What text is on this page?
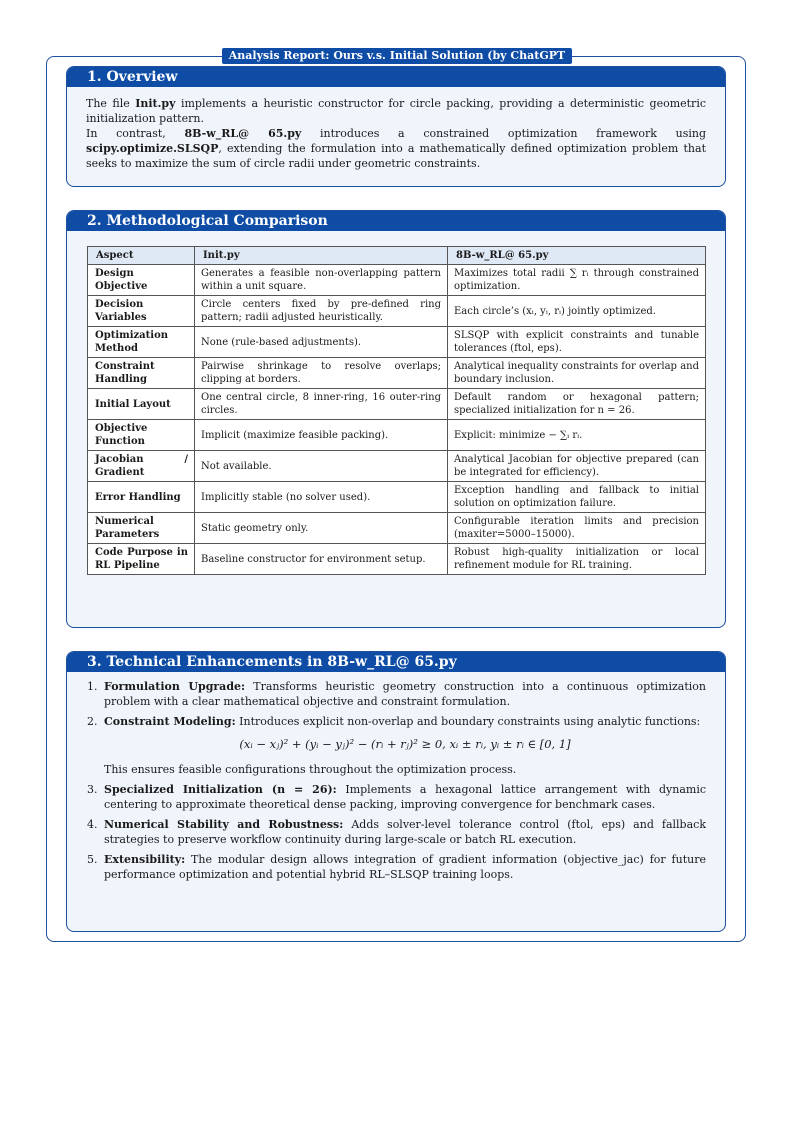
Analysis Report: Ours v.s. Initial Solution (by ChatGPT
1. Overview

The file Init.py implements a heuristic constructor for circle packing, providing a deterministic geometric initialization pattern.

In contrast, 8B-w_RL@ 65.py introduces a constrained optimization framework using scipy.optimize.SLSQP, extending the formulation into a mathematically defined optimization problem that seeks to maximize the sum of circle radii under geometric constraints.

2. Methodological Comparison
Aspect	Init.py	8B-w_RL@ 65.py
Design Objective	Generates a feasible non-overlapping pattern within a unit square.	Maximizes total radii ∑ rᵢ through constrained optimization.
Decision Variables	Circle centers fixed by pre-defined ring pattern; radii adjusted heuristically.	Each circle’s (xᵢ, yᵢ, rᵢ) jointly optimized.
Optimization Method	None (rule-based adjustments).	SLSQP with explicit constraints and tunable tolerances (ftol, eps).
Constraint Handling	Pairwise shrinkage to resolve overlaps; clipping at borders.	Analytical inequality constraints for overlap and boundary inclusion.
Initial Layout	One central circle, 8 inner-ring, 16 outer-ring circles.	Default random or hexagonal pattern; specialized initialization for n = 26.
Objective Function	Implicit (maximize feasible packing).	Explicit: minimize − ∑ᵢ rᵢ.
Jacobian / Gradient	Not available.	Analytical Jacobian for objective prepared (can be integrated for efficiency).
Error Handling	Implicitly stable (no solver used).	Exception handling and fallback to initial solution on optimization failure.
Numerical Parameters	Static geometry only.	Configurable iteration limits and precision (maxiter=5000–15000).
Code Purpose in RL Pipeline	Baseline constructor for environment setup.	Robust high-quality initialization or local refinement module for RL training.
3. Technical Enhancements in 8B-w_RL@ 65.py
1. Formulation Upgrade: Transforms heuristic geometry construction into a continuous optimization problem with a clear mathematical objective and constraint formulation.
2. Constraint Modeling: Introduces explicit non-overlap and boundary constraints using analytic functions:
(xᵢ − xⱼ)² + (yᵢ − yⱼ)² − (rᵢ + rⱼ)² ≥ 0, xᵢ ± rᵢ, yᵢ ± rᵢ ∈ [0, 1]
This ensures feasible configurations throughout the optimization process.
3. Specialized Initialization (n = 26): Implements a hexagonal lattice arrangement with dynamic centering to approximate theoretical dense packing, improving convergence for benchmark cases.
4. Numerical Stability and Robustness: Adds solver-level tolerance control (ftol, eps) and fallback strategies to preserve workflow continuity during large-scale or batch RL execution.
5. Extensibility: The modular design allows integration of gradient information (objective_jac) for future performance optimization and potential hybrid RL–SLSQP training loops.
